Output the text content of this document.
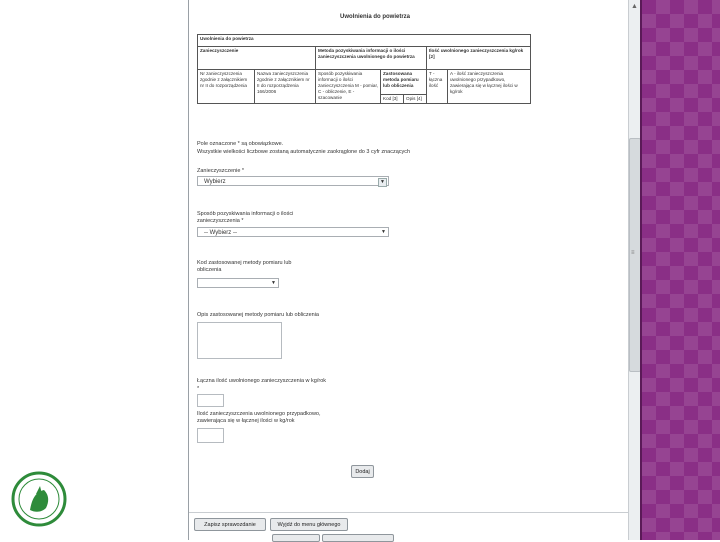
Uwolnienia do powietrza
Uwolnienia do powietrza						
Zanieczyszczenie		Metoda pozyskiwania informacji o ilości zanieczyszczenia uwolnionego do powietrza			Ilość uwolnionego zanieczyszczenia kg/rok [2]	
Nr zanieczyszczenia zgodnie z załącznikiem nr II do rozporządzenia	Nazwa zanieczyszczenia zgodnie z załącznikiem nr II do rozporządzenia 166/2006	Sposób pozyskiwania informacji o ilości zanieczyszczenia M - pomiar, C - obliczenie, E - szacowanie	Zastosowana metoda pomiaru lub obliczenia		T - łączna ilość	A - ilość zanieczyszczenia uwolnionego przypadkowo, zawierająca się w łącznej ilości w kg/rok
			Kod [3]	Opis [4]		
Pole oznaczone * są obowiązkowe.
Wszystkie wielkości liczbowe zostaną automatycznie zaokrąglone do 3 cyfr znaczących
Zanieczyszczenie *
Wybierz	▼
Sposób pozyskiwania informacji o ilości
zanieczyszczenia *
-- Wybierz --	▼
Kod zastosowanej metody pomiaru lub
obliczenia
▼
Opis zastosowanej metody pomiaru lub obliczenia
Łączna ilość uwolnionego zanieczyszczenia w kg/rok
*
Ilość zanieczyszczenia uwolnionego przypadkowo,
zawierająca się w łącznej ilości w kg/rok
Dodaj
Zapisz sprawozdanie	Wyjdź do menu głównego
▲
≡
